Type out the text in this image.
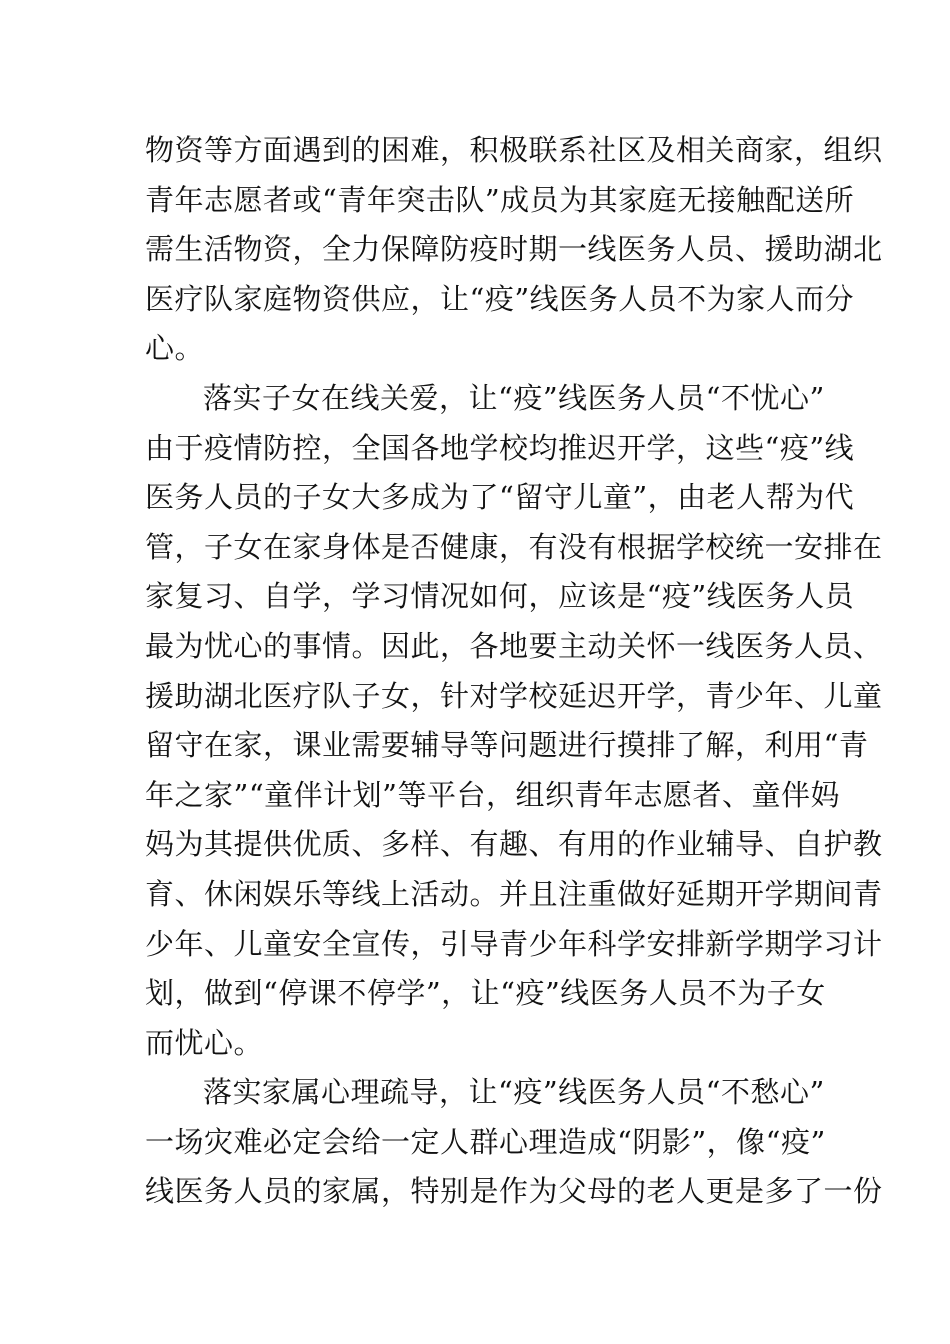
物资等方面遇到的困难，积极联系社区及相关商家，组织
青年志愿者或“青年突击队”成员为其家庭无接触配送所
需生活物资，全力保障防疫时期一线医务人员、援助湖北
医疗队家庭物资供应，让“疫”线医务人员不为家人而分
心。
落实子女在线关爱，让“疫”线医务人员“不忧心”
由于疫情防控，全国各地学校均推迟开学，这些“疫”线
医务人员的子女大多成为了“留守儿童”，由老人帮为代
管，子女在家身体是否健康，有没有根据学校统一安排在
家复习、自学，学习情况如何，应该是“疫”线医务人员
最为忧心的事情。因此，各地要主动关怀一线医务人员、
援助湖北医疗队子女，针对学校延迟开学，青少年、儿童
留守在家，课业需要辅导等问题进行摸排了解，利用“青
年之家”“童伴计划”等平台，组织青年志愿者、童伴妈
妈为其提供优质、多样、有趣、有用的作业辅导、自护教
育、休闲娱乐等线上活动。并且注重做好延期开学期间青
少年、儿童安全宣传，引导青少年科学安排新学期学习计
划，做到“停课不停学”，让“疫”线医务人员不为子女
而忧心。
落实家属心理疏导，让“疫”线医务人员“不愁心”
一场灾难必定会给一定人群心理造成“阴影”，像“疫”
线医务人员的家属，特别是作为父母的老人更是多了一份
